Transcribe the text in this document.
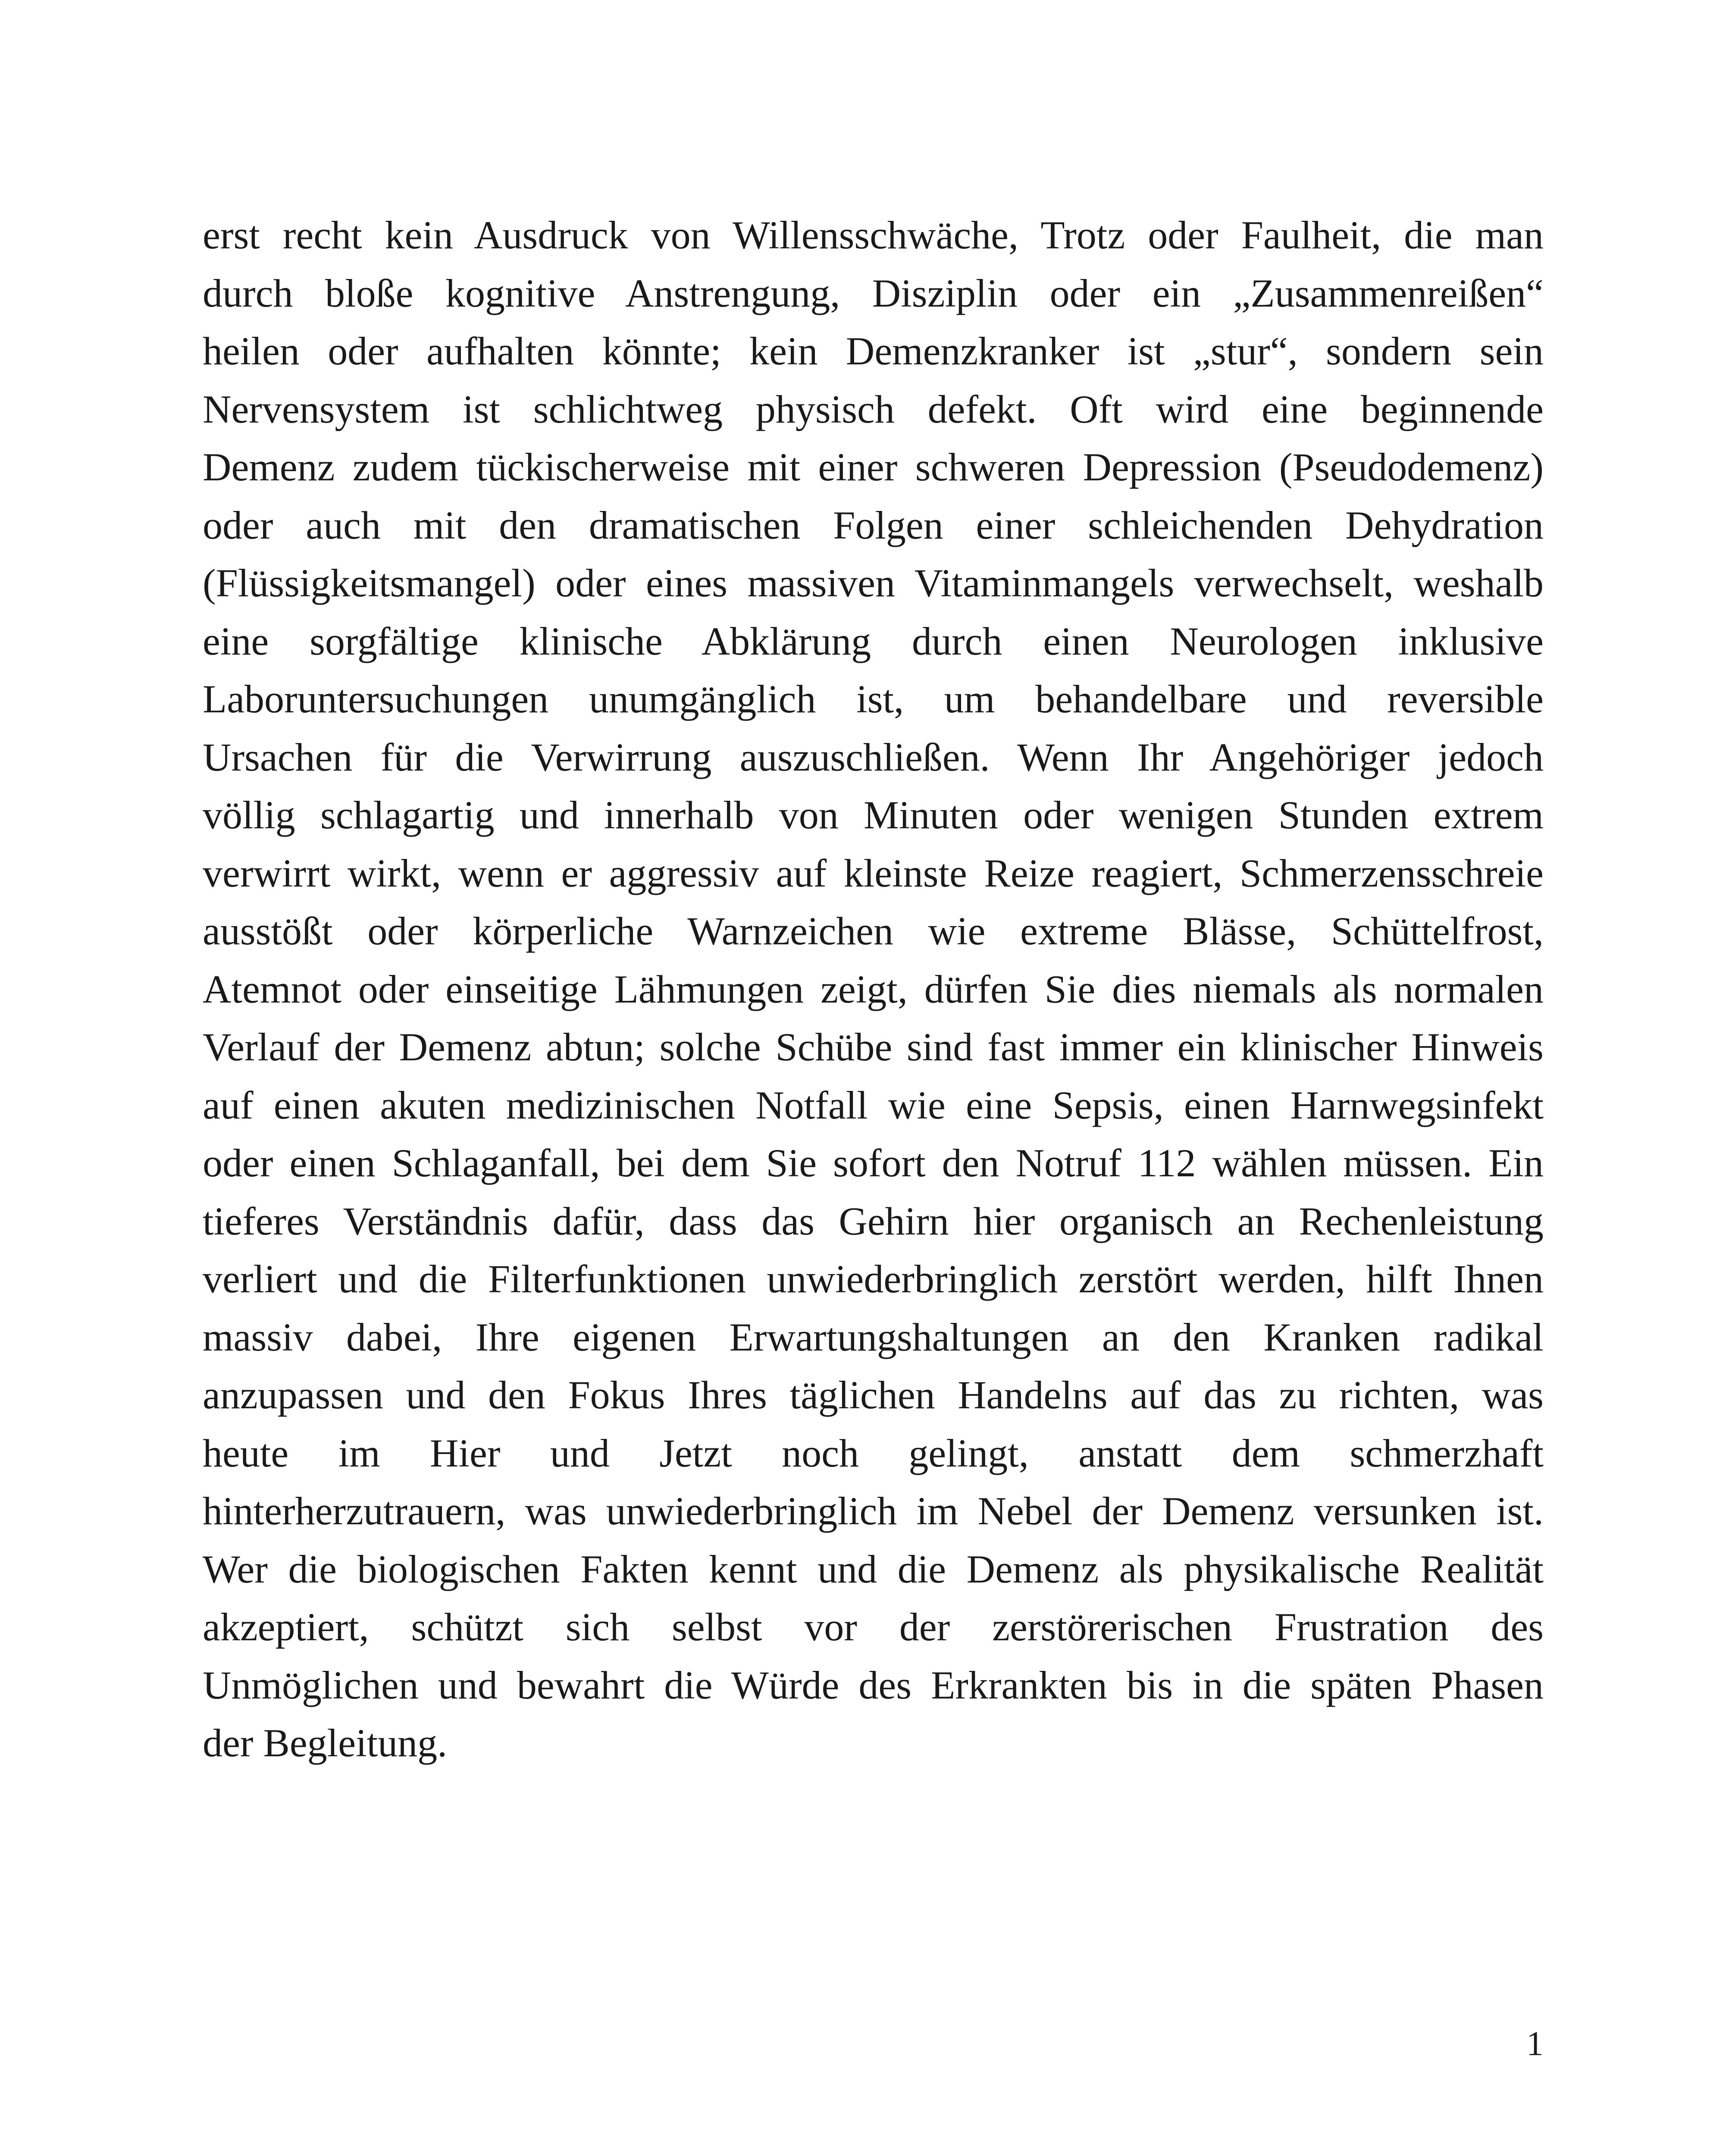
erst recht kein Ausdruck von Willensschwäche, Trotz oder Faulheit, die man
durch bloße kognitive Anstrengung, Disziplin oder ein „Zusammenreißen“
heilen oder aufhalten könnte; kein Demenzkranker ist „stur“, sondern sein
Nervensystem ist schlichtweg physisch defekt. Oft wird eine beginnende
Demenz zudem tückischerweise mit einer schweren Depression (Pseudodemenz)
oder auch mit den dramatischen Folgen einer schleichenden Dehydration
(Flüssigkeitsmangel) oder eines massiven Vitaminmangels verwechselt, weshalb
eine sorgfältige klinische Abklärung durch einen Neurologen inklusive
Laboruntersuchungen unumgänglich ist, um behandelbare und reversible
Ursachen für die Verwirrung auszuschließen. Wenn Ihr Angehöriger jedoch
völlig schlagartig und innerhalb von Minuten oder wenigen Stunden extrem
verwirrt wirkt, wenn er aggressiv auf kleinste Reize reagiert, Schmerzensschreie
ausstößt oder körperliche Warnzeichen wie extreme Blässe, Schüttelfrost,
Atemnot oder einseitige Lähmungen zeigt, dürfen Sie dies niemals als normalen
Verlauf der Demenz abtun; solche Schübe sind fast immer ein klinischer Hinweis
auf einen akuten medizinischen Notfall wie eine Sepsis, einen Harnwegsinfekt
oder einen Schlaganfall, bei dem Sie sofort den Notruf 112 wählen müssen. Ein
tieferes Verständnis dafür, dass das Gehirn hier organisch an Rechenleistung
verliert und die Filterfunktionen unwiederbringlich zerstört werden, hilft Ihnen
massiv dabei, Ihre eigenen Erwartungshaltungen an den Kranken radikal
anzupassen und den Fokus Ihres täglichen Handelns auf das zu richten, was
heute im Hier und Jetzt noch gelingt, anstatt dem schmerzhaft
hinterherzutrauern, was unwiederbringlich im Nebel der Demenz versunken ist.
Wer die biologischen Fakten kennt und die Demenz als physikalische Realität
akzeptiert, schützt sich selbst vor der zerstörerischen Frustration des
Unmöglichen und bewahrt die Würde des Erkrankten bis in die späten Phasen
der Begleitung.
1
